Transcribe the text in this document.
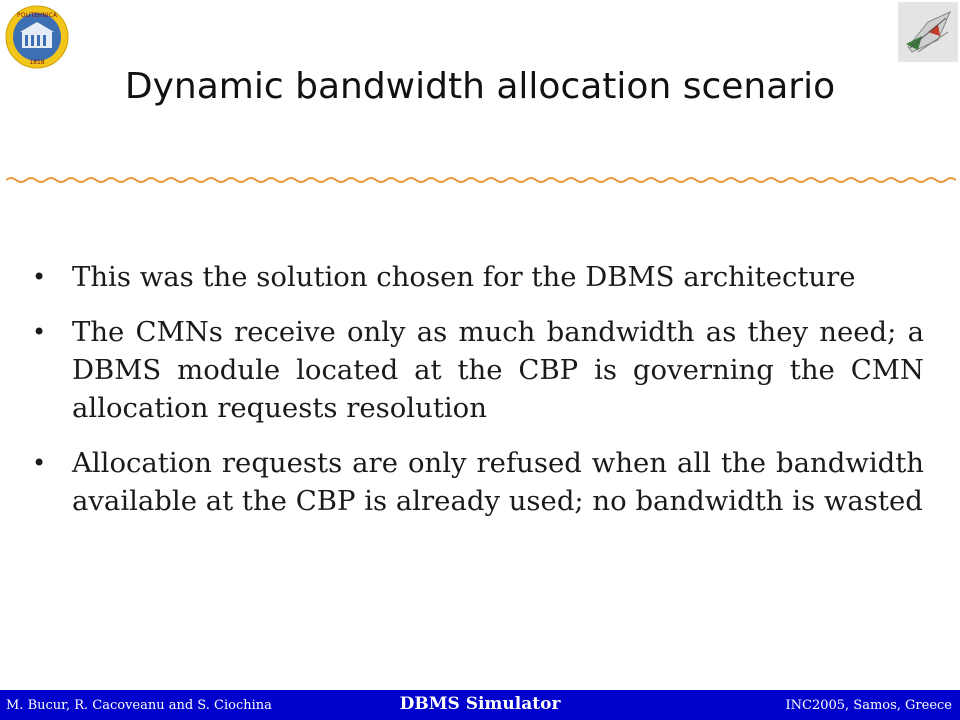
POLITEHNICA
1818
Dynamic bandwidth allocation scenario
• This was the solution chosen for the DBMS architecture
• The CMNs receive only as much bandwidth as they need; a DBMS module located at the CBP is governing the CMN allocation requests resolution
• Allocation requests are only refused when all the bandwidth available at the CBP is already used; no bandwidth is wasted
M. Bucur, R. Cacoveanu and S. Ciochina	DBMS Simulator	INC2005, Samos, Greece
